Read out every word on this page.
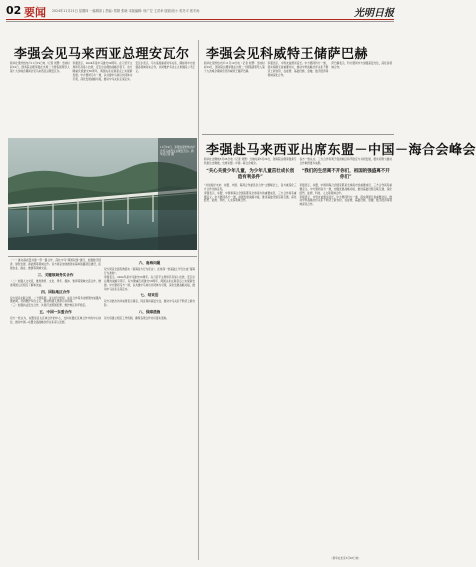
02 要闻 2024年11月21日 星期四 一编辑部 | 责编: 郑婧 张晓 本版编辑: 杨广宏 王洪举 版面设计: 郭冬平 郭冬雨	光明日报
李强会见马来西亚总理安瓦尔
新华社里约热内卢11月19日电（记者 刘慧）当地时间19日，国务院总理李强在出席二十国集团领导人第十九次峰会期间会见马来西亚总理安瓦尔。
李强表示，2024年是中马建交50周年。在习近平主席和苏丹易卜拉欣、安瓦尔总理的战略引领下，双方隆重庆祝建交50周年，两国关系在新起点上实现新发展。中方愿同马方一道，以共建中马命运共同体为引领，深化发展战略对接，推动中马关系走深走实。
安瓦尔表示，马方高度重视对华关系，期待同中方加强各领域务实合作，共同维护多边主义和国际公平正义。
11月19日，李强在里约热内卢会见马来西亚总理安瓦尔。新华社记者 摄
（一）推动高质量共建一带一路合作，深化中马“两国双园”建设，加强数字经济、绿色发展、新能源等领域合作。双方同意加快推进东海岸铁路项目建设，拓展农业、渔业、旅游等领域交流。
三、关键领域务实合作
（二）加强人文交流，推进教育、文化、青年、媒体、智库等领域交流合作，增进两国人民相互了解和友谊。
四、国际地区合作
双方同意在联合国、二十国集团、亚太经合组织、东亚合作等多边框架内加强沟通协调，共同维护多边主义，推动构建人类命运共同体。
（三）加强执法安全合作，共同打击跨国犯罪，维护地区和平稳定。
五、中国一东盟合作
双方一致认为，东盟是亚太区域合作的中心，支持东盟在区域合作中的中心地位，推动中国—东盟全面战略伙伴关系深入发展。
六、南海问题
双方同意全面有效落实《南海各方行为宣言》，在协商一致基础上早日达成“南海行为准则”。
李强表示，2024年是中马建交50周年。在习近平主席和苏丹易卜拉欣、安瓦尔总理的战略引领下，双方隆重庆祝建交50周年，两国关系在新起点上实现新发展。中方愿同马方一道，以共建中马命运共同体为引领，深化发展战略对接，推动中马关系走深走实。
七、结束语
双方对此次访问成果表示满意，同意保持高层交往，推动中马关系不断迈上新台阶。
八、保障措施
双方将建立相应工作机制，确保各项合作共识落实落地。
李强会见科威特王储萨巴赫
新华社里约热内卢11月19日电（记者 刘慧）当地时间19日，国务院总理李强在出席二十国集团领导人第十九次峰会期间会见科威特王储萨巴赫。
李强表示，中科友谊源远流长。中方愿同科方一道，落实两国元首重要共识，推动中科战略伙伴关系不断迈上新台阶，在能源、基础设施、金融、数字经济等领域深化合作。
萨巴赫表示，科方愿同中方加强高层交往，深化各领域合作。
李强赴马来西亚出席东盟－中国－海合会峰会
新华社吉隆坡5月26日电（记者 刘慧）当地时间5月26日，国务院总理李强乘专机抵达吉隆坡，出席东盟－中国－海合会峰会。
“关心关爱少年儿童，为少年儿童茁壮成长创造有利条件”
“共创美好未来：东盟、中国、海湾合作委员会合作”主题峰会上，各方就深化三方合作交换意见。
李强表示，东盟、中国和海合会国家都是全球南方的重要成员，三方合作具有重要意义。中方愿同各方一道，加强发展战略对接，推进基础设施互联互通，深化经贸、能源、科技、人文等领域合作。
各方一致认为，三方合作有利于促进地区和平稳定与共同发展，愿共同努力推动合作取得更多成果。
“我们的生活离不开你们，祖国的强盛离不开你们”
李强表示，东盟、中国和海合会国家都是全球南方的重要成员，三方合作具有重要意义。中方愿同各方一道，加强发展战略对接，推进基础设施互联互通，深化经贸、能源、科技、人文等领域合作。
李强表示，中科友谊源远流长。中方愿同科方一道，落实两国元首重要共识，推动中科战略伙伴关系不断迈上新台阶，在能源、基础设施、金融、数字经济等领域深化合作。
（新华社北京5月26日电）
